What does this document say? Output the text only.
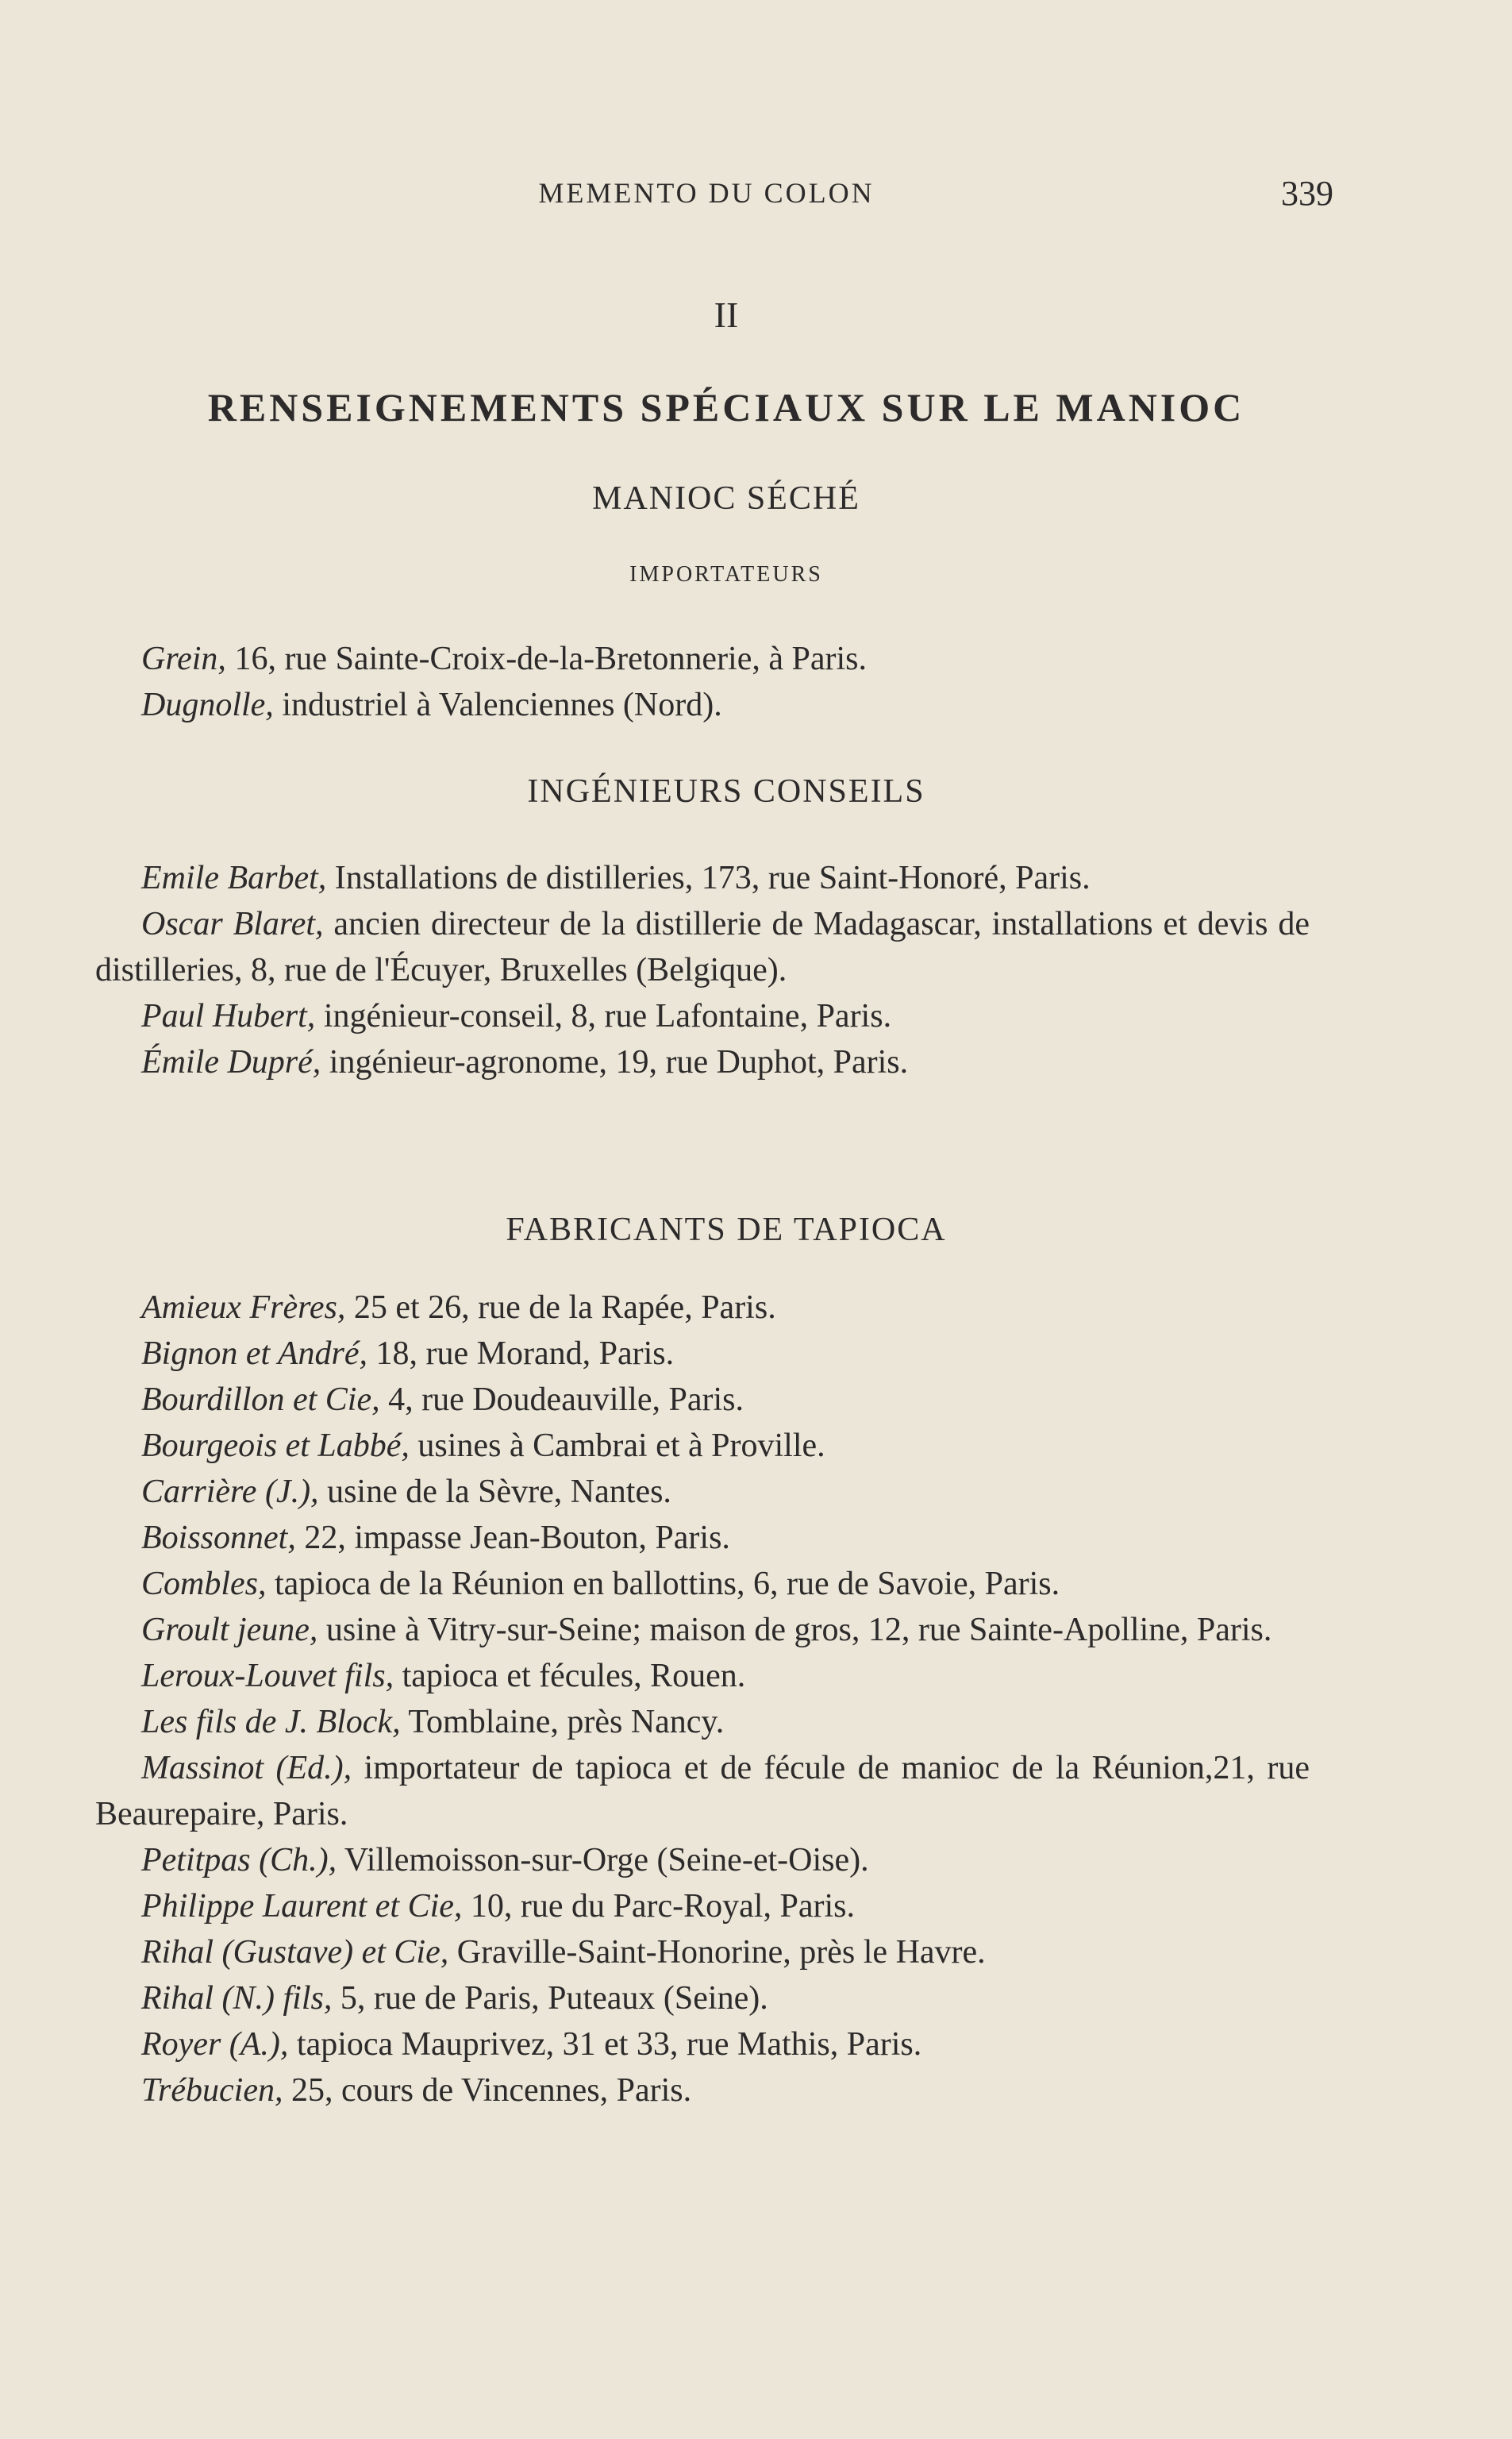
MEMENTO DU COLON	339
II
RENSEIGNEMENTS SPÉCIAUX SUR LE MANIOC
MANIOC SÉCHÉ
IMPORTATEURS

Grein, 16, rue Sainte-Croix-de-la-Bretonnerie, à Paris.

Dugnolle, industriel à Valenciennes (Nord).

INGÉNIEURS CONSEILS

Emile Barbet, Installations de distilleries, 173, rue Saint-Honoré, Paris.

Oscar Blaret, ancien directeur de la distillerie de Madagascar, installations et devis de distilleries, 8, rue de l'Écuyer, Bruxelles (Belgique).

Paul Hubert, ingénieur-conseil, 8, rue Lafontaine, Paris.

Émile Dupré, ingénieur-agronome, 19, rue Duphot, Paris.

FABRICANTS DE TAPIOCA

Amieux Frères, 25 et 26, rue de la Rapée, Paris.

Bignon et André, 18, rue Morand, Paris.

Bourdillon et Cie, 4, rue Doudeauville, Paris.

Bourgeois et Labbé, usines à Cambrai et à Proville.

Carrière (J.), usine de la Sèvre, Nantes.

Boissonnet, 22, impasse Jean-Bouton, Paris.

Combles, tapioca de la Réunion en ballottins, 6, rue de Savoie, Paris.

Groult jeune, usine à Vitry-sur-Seine; maison de gros, 12, rue Sainte-Apolline, Paris.

Leroux-Louvet fils, tapioca et fécules, Rouen.

Les fils de J. Block, Tomblaine, près Nancy.

Massinot (Ed.), importateur de tapioca et de fécule de manioc de la Réunion,21, rue Beaurepaire, Paris.

Petitpas (Ch.), Villemoisson-sur-Orge (Seine-et-Oise).

Philippe Laurent et Cie, 10, rue du Parc-Royal, Paris.

Rihal (Gustave) et Cie, Graville-Saint-Honorine, près le Havre.

Rihal (N.) fils, 5, rue de Paris, Puteaux (Seine).

Royer (A.), tapioca Mauprivez, 31 et 33, rue Mathis, Paris.

Trébucien, 25, cours de Vincennes, Paris.
